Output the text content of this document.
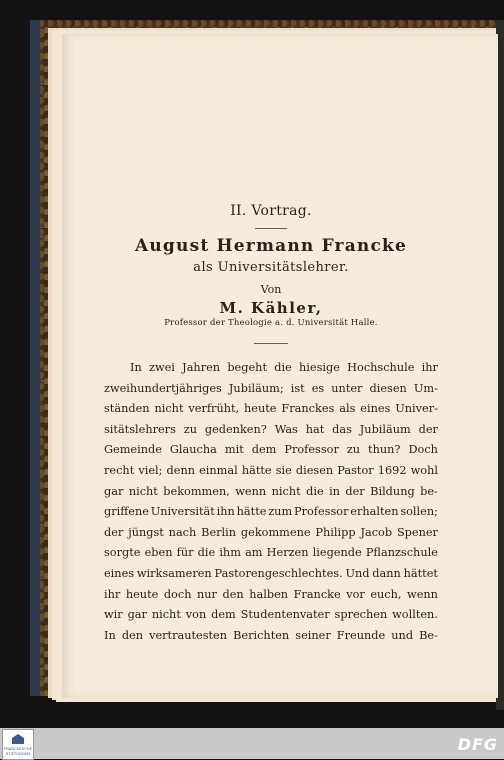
II. Vortrag.
August Hermann Francke
als Universitätslehrer.
Von
M. Kähler,
Professor der Theologie a. d. Universität Halle.
In zwei Jahren begeht die hiesige Hochschule ihr
zweihundertjähriges Jubiläum; ist es unter diesen Um-
ständen nicht verfrüht, heute Franckes als eines Univer-
sitätslehrers zu gedenken? Was hat das Jubiläum der
Gemeinde Glaucha mit dem Professor zu thun? Doch
recht viel; denn einmal hätte sie diesen Pastor 1692 wohl
gar nicht bekommen, wenn nicht die in der Bildung be-
griffene Universität ihn hätte zum Professor erhalten sollen;
der jüngst nach Berlin gekommene Philipp Jacob Spener
sorgte eben für die ihm am Herzen liegende Pflanzschule
eines wirksameren Pastorengeschlechtes. Und dann hättet
ihr heute doch nur den halben Francke vor euch, wenn
wir gar nicht von dem Studentenvater sprechen wollten.
In den vertrautesten Berichten seiner Freunde und Be-
FRANCKESCHE STIFTUNGEN	DFG
